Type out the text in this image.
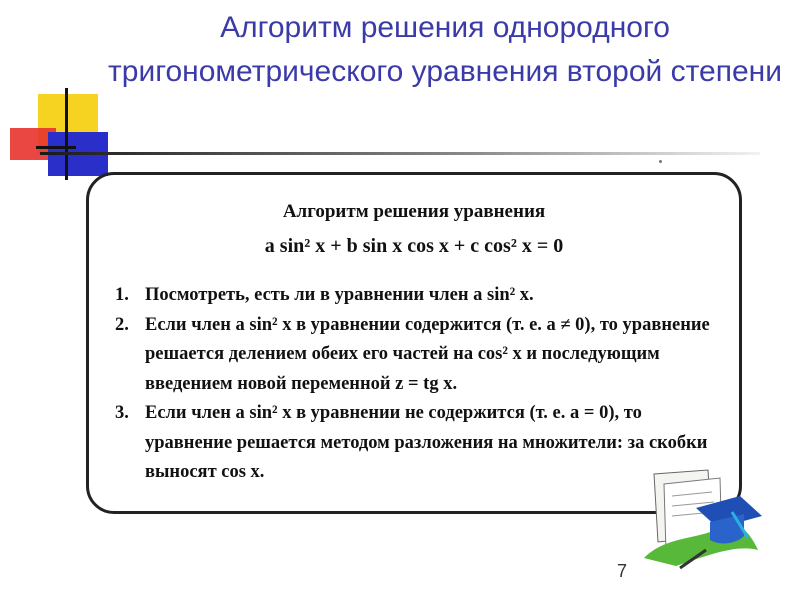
Алгоритм решения однородного тригонометрического уравнения второй степени
Алгоритм решения уравнения
a sin² x + b sin x cos x + c cos² x = 0
1. Посмотреть, есть ли в уравнении член a sin² x.
2. Если член a sin² x в уравнении содержится (т. е. a ≠ 0), то уравнение решается делением обеих его частей на cos² x и последующим введением новой переменной z = tg x.
3. Если член a sin² x в уравнении не содержится (т. е. a = 0), то уравнение решается методом разложения на множители: за скобки выносят cos x.
7
